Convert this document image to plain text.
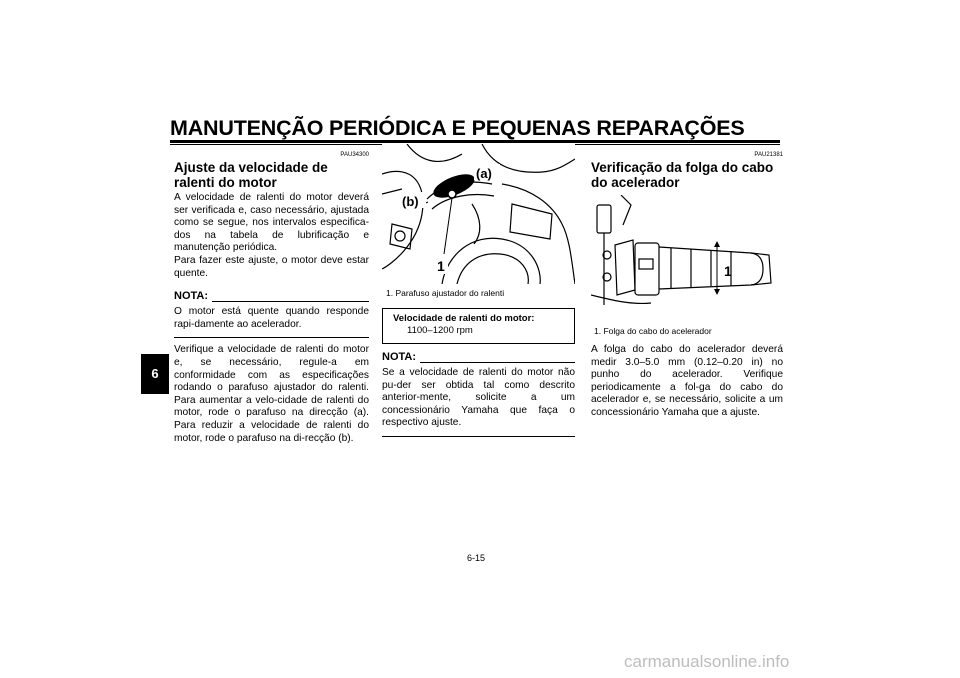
MANUTENÇÃO PERIÓDICA E PEQUENAS REPARAÇÕES
6
PAU34300
Ajuste da velocidade de ralenti do motor
A velocidade de ralenti do motor deverá ser verificada e, caso necessário, ajustada como se segue, nos intervalos especifica-dos na tabela de lubrificação e manutenção periódica.
Para fazer este ajuste, o motor deve estar quente.
NOTA:
O motor está quente quando responde rapi-damente ao acelerador.
Verifique a velocidade de ralenti do motor e, se necessário, regule-a em conformidade com as especificações rodando o parafuso ajustador do ralenti. Para aumentar a velo-cidade de ralenti do motor, rode o parafuso na direcção (a). Para reduzir a velocidade de ralenti do motor, rode o parafuso na di-recção (b).
(a)
(b)
1
1. Parafuso ajustador do ralenti
Velocidade de ralenti do motor:
1100–1200 rpm
NOTA:
Se a velocidade de ralenti do motor não pu-der ser obtida tal como descrito anterior-mente, solicite a um concessionário Yamaha que faça o respectivo ajuste.
PAU21381
Verificação da folga do cabo do acelerador
1
1. Folga do cabo do acelerador
A folga do cabo do acelerador deverá medir 3.0–5.0 mm (0.12–0.20 in) no punho do acelerador. Verifique periodicamente a fol-ga do cabo do acelerador e, se necessário, solicite a um concessionário Yamaha que a ajuste.
6-15
carmanualsonline.info
